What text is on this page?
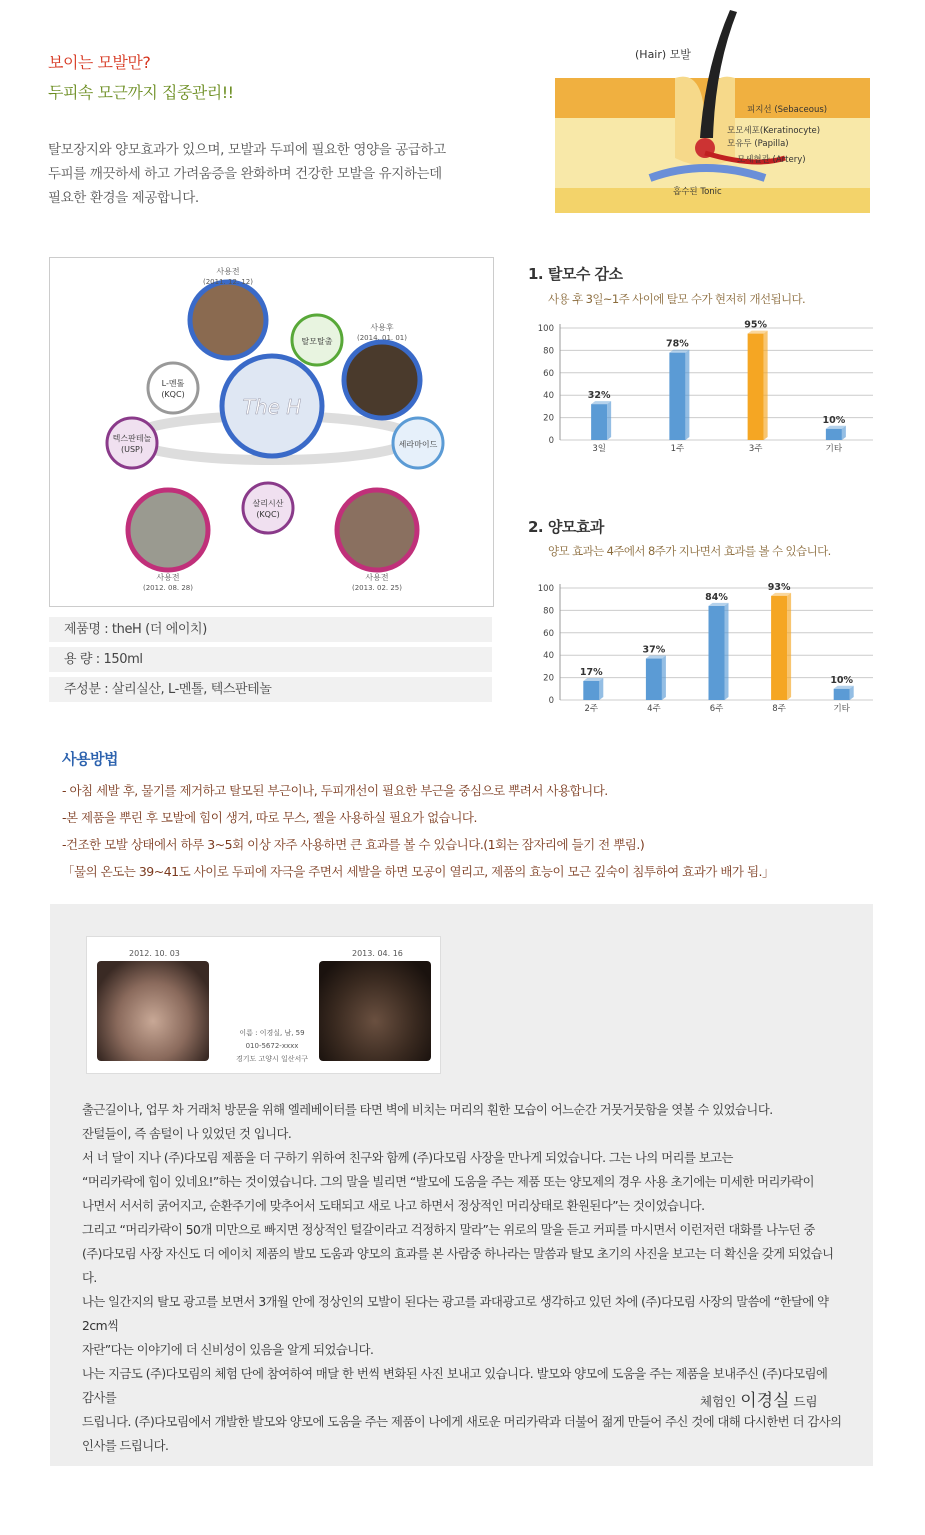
보이는 모발만?
두피속 모근까지 집중관리!!
탈모장지와 양모효과가 있으며, 모발과 두피에 필요한 영양을 공급하고
두피를 깨끗하세 하고 가려움증을 완화하며 건강한 모발을 유지하는데
필요한 환경을 제공합니다.
(Hair) 모발
피지선 (Sebaceous)
모모세포(Keratinocyte)
모유두 (Papilla)
모세혈관 (Artery)
흡수된 Tonic
The H
사용전
(2011. 12. 12)
사용후
(2014. 01. 01)
사용전
(2012. 08. 28)
사용전
(2013. 02. 25)
탈모탈출
L-멘톨
(KQC)
텍스판테놀
(USP)
세라마이드
살리시산
(KQC)
제품명 : theH (더 에이치)
용 량 : 150ml
주성분 : 살리실산, L-멘톨, 텍스판테놀
1. 탈모수 감소
사용 후 3일~1주 사이에 탈모 수가 현저히 개선됩니다.
100
80
60
40
20
0
32%
3일
78%
1주
95%
3주
10%
기타
2. 양모효과
양모 효과는 4주에서 8주가 지나면서 효과를 볼 수 있습니다.
100
80
60
40
20
0
17%
2주
37%
4주
84%
6주
93%
8주
10%
기타
사용방법
- 아침 세발 후, 물기를 제거하고 탈모된 부근이나, 두피개선이 필요한 부근을 중심으로 뿌려서 사용합니다.
-본 제품을 뿌린 후 모발에 힘이 생겨, 따로 무스, 젤을 사용하실 필요가 없습니다.
-건조한 모발 상태에서 하루 3~5회 이상 자주 사용하면 큰 효과를 볼 수 있습니다.(1회는 잠자리에 들기 전 뿌림.)
「물의 온도는 39~41도 사이로 두피에 자극을 주면서 세발을 하면 모공이 열리고, 제품의 효능이 모근 깊숙이 침투하여 효과가 배가 됨.」
2012. 10. 03	2013. 04. 16
이름 : 이경실, 남, 59
010-5672-xxxx
경기도 고양시 일산서구
출근길이나, 업무 차 거래처 방문을 위해 엘레베이터를 타면 벽에 비치는 머리의 훤한 모습이 어느순간 거뭇거뭇함을 엿볼 수 있었습니다.
잔털들이, 즉 솜털이 나 있었던 것 입니다.
서 너 달이 지나 (주)다모림 제품을 더 구하기 위하여 친구와 함께 (주)다모림 사장을 만나게 되었습니다. 그는 나의 머리를 보고는
“머리카락에 힘이 있네요!”하는 것이였습니다. 그의 말을 빌리면 “발모에 도움을 주는 제품 또는 양모제의 경우 사용 초기에는 미세한 머리카락이
나면서 서서히 굵어지고, 순환주기에 맞추어서 도태되고 새로 나고 하면서 정상적인 머리상태로 환원된다”는 것이었습니다.
그리고 “머리카락이 50개 미만으로 빠지면 정상적인 털갈이라고 걱정하지 말라”는 위로의 말을 듣고 커피를 마시면서 이런저런 대화를 나누던 중
(주)다모림 사장 자신도 더 에이치 제품의 발모 도움과 양모의 효과를 본 사람중 하나라는 말씀과 탈모 초기의 사진을 보고는 더 확신을 갖게 되었습니다.
나는 일간지의 탈모 광고를 보면서 3개월 안에 정상인의 모발이 된다는 광고를 과대광고로 생각하고 있던 차에 (주)다모림 사장의 말씀에 “한달에 약 2cm씩
자란”다는 이야기에 더 신비성이 있음을 알게 되었습니다.
나는 지금도 (주)다모림의 체험 단에 참여하여 매달 한 번씩 변화된 사진 보내고 있습니다. 발모와 양모에 도움을 주는 제품을 보내주신 (주)다모림에 감사를
드립니다. (주)다모림에서 개발한 발모와 양모에 도움을 주는 제품이 나에게 새로운 머리카락과 더불어 젊게 만들어 주신 것에 대해 다시한번 더 감사의
인사를 드립니다.
체험인 이경실 드림
